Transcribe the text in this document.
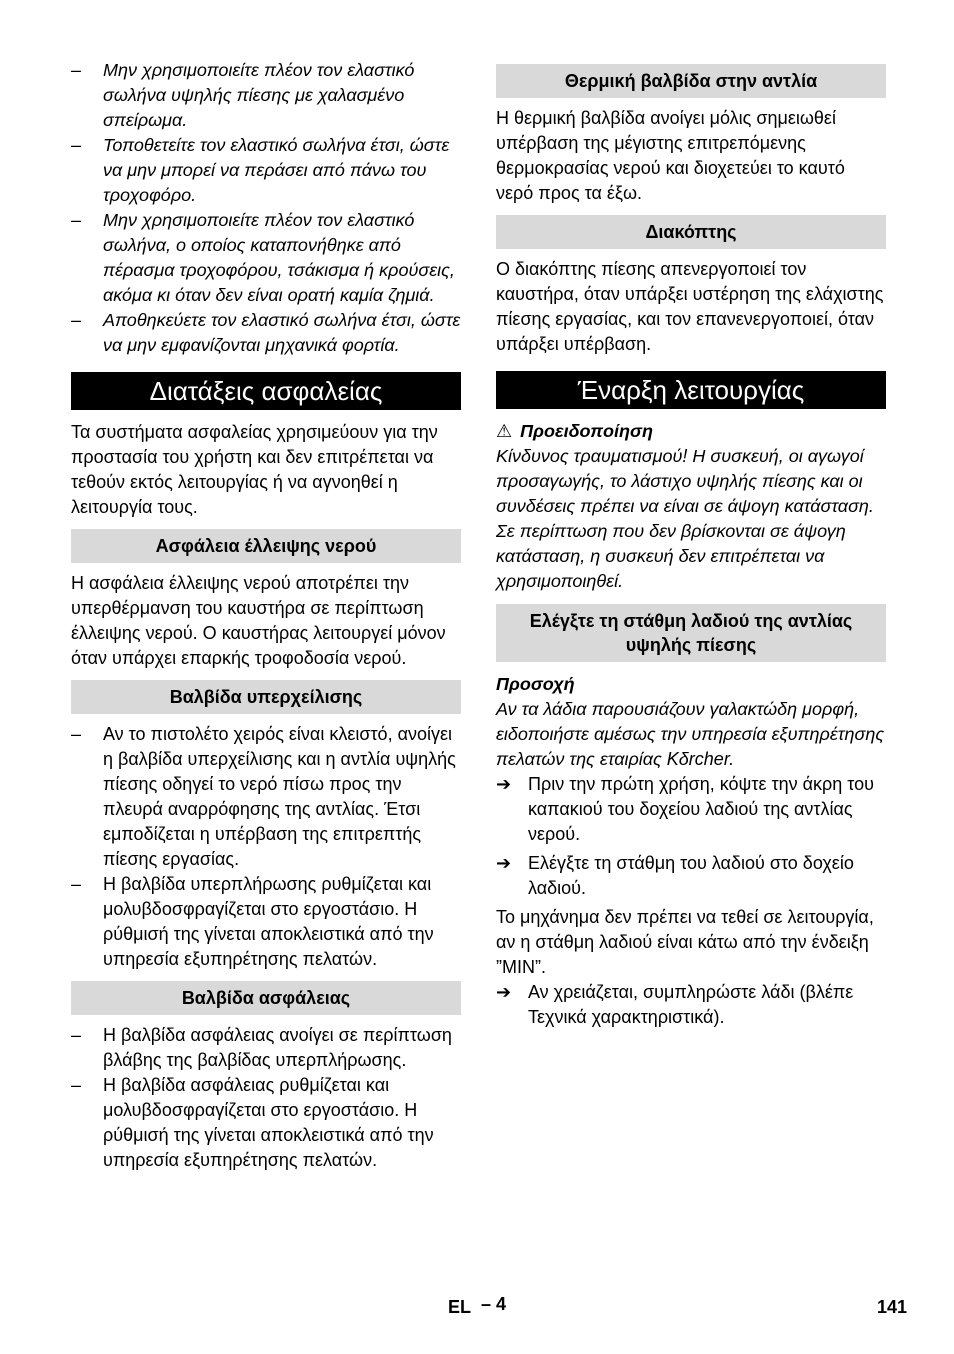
– Μην χρησιμοποιείτε πλέον τον ελαστικό σωλήνα υψηλής πίεσης με χαλασμένο σπείρωμα.
– Τοποθετείτε τον ελαστικό σωλήνα έτσι, ώστε να μην μπορεί να περάσει από πάνω του τροχοφόρο.
– Μην χρησιμοποιείτε πλέον τον ελαστικό σωλήνα, ο οποίος καταπονήθηκε από πέρασμα τροχοφόρου, τσάκισμα ή κρούσεις, ακόμα κι όταν δεν είναι ορατή καμία ζημιά.
– Αποθηκεύετε τον ελαστικό σωλήνα έτσι, ώστε να μην εμφανίζονται μηχανικά φορτία.
Διατάξεις ασφαλείας

Τα συστήματα ασφαλείας χρησιμεύουν για την προστασία του χρήστη και δεν επιτρέπεται να τεθούν εκτός λειτουργίας ή να αγνοηθεί η λειτουργία τους.

Ασφάλεια έλλειψης νερού

Η ασφάλεια έλλειψης νερού αποτρέπει την υπερθέρμανση του καυστήρα σε περίπτωση έλλειψης νερού. Ο καυστήρας λειτουργεί μόνον όταν υπάρχει επαρκής τροφοδοσία νερού.

Βαλβίδα υπερχείλισης
– Αν το πιστολέτο χειρός είναι κλειστό, ανοίγει η βαλβίδα υπερχείλισης και η αντλία υψηλής πίεσης οδηγεί το νερό πίσω προς την πλευρά αναρρόφησης της αντλίας. Έτσι εμποδίζεται η υπέρβαση της επιτρεπτής πίεσης εργασίας.
– Η βαλβίδα υπερπλήρωσης ρυθμίζεται και μολυβδοσφραγίζεται στο εργοστάσιο. Η ρύθμισή της γίνεται αποκλειστικά από την υπηρεσία εξυπηρέτησης πελατών.
Βαλβίδα ασφάλειας
– Η βαλβίδα ασφάλειας ανοίγει σε περίπτωση βλάβης της βαλβίδας υπερπλήρωσης.
– Η βαλβίδα ασφάλειας ρυθμίζεται και μολυβδοσφραγίζεται στο εργοστάσιο. Η ρύθμισή της γίνεται αποκλειστικά από την υπηρεσία εξυπηρέτησης πελατών.
Θερμική βαλβίδα στην αντλία

Η θερμική βαλβίδα ανοίγει μόλις σημειωθεί υπέρβαση της μέγιστης επιτρεπόμενης θερμοκρασίας νερού και διοχετεύει το καυτό νερό προς τα έξω.

Διακόπτης

Ο διακόπτης πίεσης απενεργοποιεί τον καυστήρα, όταν υπάρξει υστέρηση της ελάχιστης πίεσης εργασίας, και τον επανενεργοποιεί, όταν υπάρξει υπέρβαση.

Έναρξη λειτουργίας

⚠ Προειδοποίηση

Κίνδυνος τραυματισμού! Η συσκευή, οι αγωγοί προσαγωγής, το λάστιχο υψηλής πίεσης και οι συνδέσεις πρέπει να είναι σε άψογη κατάσταση. Σε περίπτωση που δεν βρίσκονται σε άψογη κατάσταση, η συσκευή δεν επιτρέπεται να χρησιμοποιηθεί.

Ελέγξτε τη στάθμη λαδιού της αντλίας υψηλής πίεσης

Προσοχή

Αν τα λάδια παρουσιάζουν γαλακτώδη μορφή, ειδοποιήστε αμέσως την υπηρεσία εξυπηρέτησης πελατών της εταιρίας Kδrcher.

➔ Πριν την πρώτη χρήση, κόψτε την άκρη του καπακιού του δοχείου λαδιού της αντλίας νερού.
➔ Ελέγξτε τη στάθμη του λαδιού στο δοχείο λαδιού.

Το μηχάνημα δεν πρέπει να τεθεί σε λειτουργία, αν η στάθμη λαδιού είναι κάτω από την ένδειξη ”MIN”.

➔ Αν χρειάζεται, συμπληρώστε λάδι (βλέπε Τεχνικά χαρακτηριστικά).
EL – 4	141
